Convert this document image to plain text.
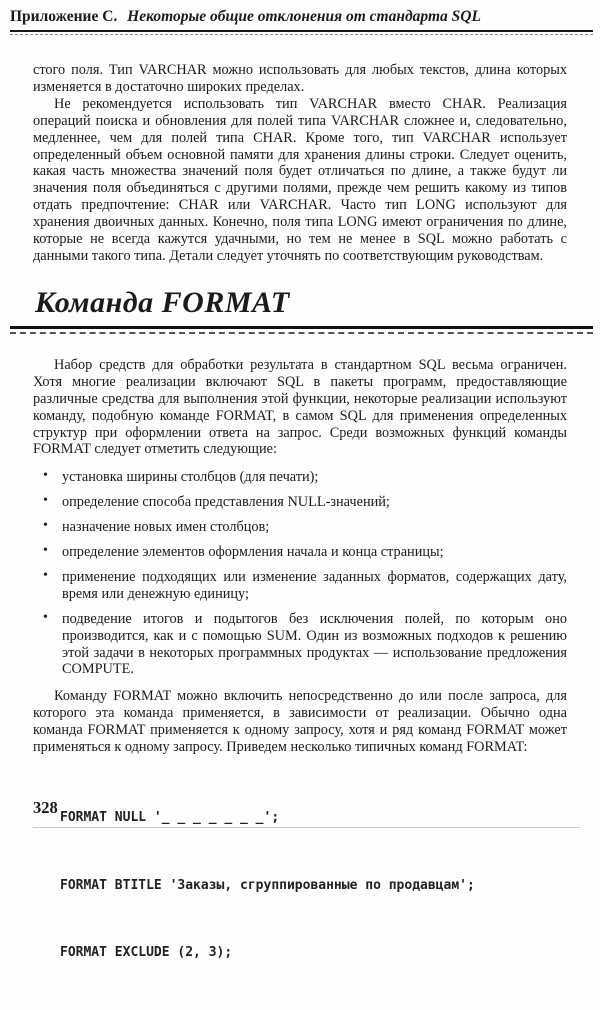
Приложение C. Некоторые общие отклонения от стандарта SQL

стого поля. Тип VARCHAR можно использовать для любых текстов, длина которых изменяется в достаточно широких пределах.

Не рекомендуется использовать тип VARCHAR вместо CHAR. Реализация операций поиска и обновления для полей типа VARCHAR сложнее и, следовательно, медленнее, чем для полей типа CHAR. Кроме того, тип VARCHAR использует определенный объем основной памяти для хранения длины строки. Следует оценить, какая часть множества значений поля будет отличаться по длине, а также будут ли значения поля объединяться с другими полями, прежде чем решить какому из типов отдать предпочтение: CHAR или VARCHAR. Часто тип LONG используют для хранения двоичных данных. Конечно, поля типа LONG имеют ограничения по длине, которые не всегда кажутся удачными, но тем не менее в SQL можно работать с данными такого типа. Детали следует уточнять по соответствующим руководствам.

Команда FORMAT

Набор средств для обработки результата в стандартном SQL весьма ограничен. Хотя многие реализации включают SQL в пакеты программ, предоставляющие различные средства для выполнения этой функции, некоторые реализации используют команду, подобную команде FORMAT, в самом SQL для применения определенных структур при оформлении ответа на запрос. Среди возможных функций команды FORMAT следует отметить следующие:

• установка ширины столбцов (для печати);
• определение способа представления NULL-значений;
• назначение новых имен столбцов;
• определение элементов оформления начала и конца страницы;
• применение подходящих или изменение заданных форматов, содержащих дату, время или денежную единицу;
• подведение итогов и подытогов без исключения полей, по которым оно производится, как и с помощью SUM. Один из возможных подходов к решению этой задачи в некоторых программных продуктах — использование предложения COMPUTE.

Команду FORMAT можно включить непосредственно до или после запроса, для которого эта команда применяется, в зависимости от реализации. Обычно одна команда FORMAT применяется к одному запросу, хотя и ряд команд FORMAT может применяться к одному запросу. Приведем несколько типичных команд FORMAT:

FORMAT NULL '_ _ _ _ _ _ _';

FORMAT BTITLE 'Заказы, сгруппированные по продавцам';

FORMAT EXCLUDE (2, 3);

328
